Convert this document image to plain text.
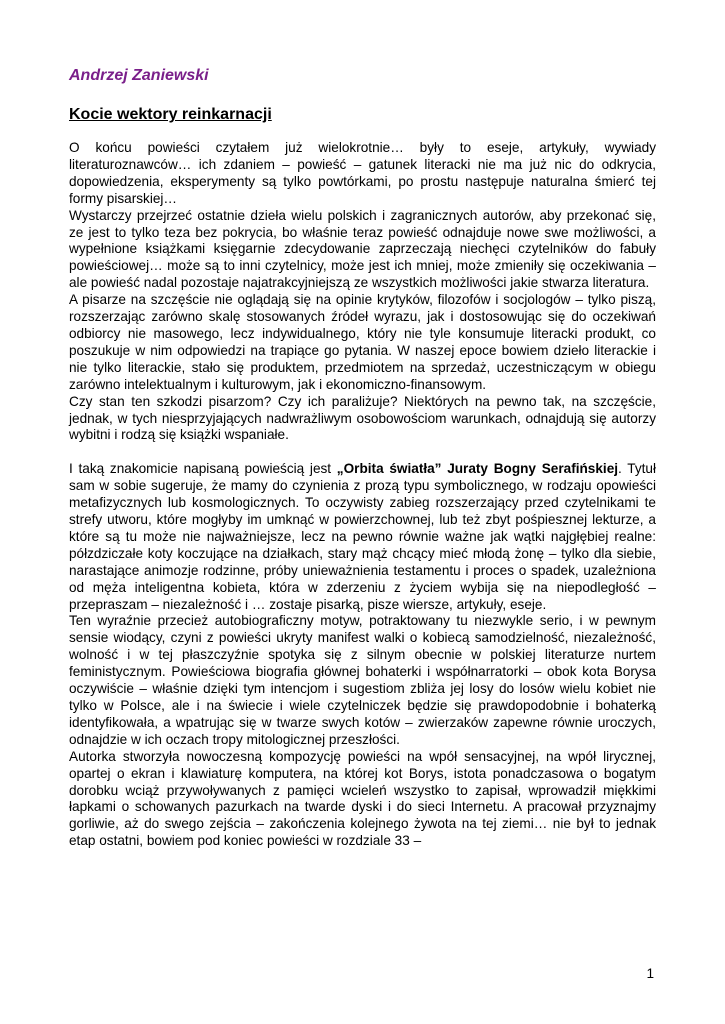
Andrzej Zaniewski
Kocie wektory reinkarnacji

O końcu powieści czytałem już wielokrotnie… były to eseje, artykuły, wywiady literaturoznawców… ich zdaniem – powieść – gatunek literacki nie ma już nic do odkrycia, dopowiedzenia, eksperymenty są tylko powtórkami, po prostu następuje naturalna śmierć tej formy pisarskiej…

Wystarczy przejrzeć ostatnie dzieła wielu polskich i zagranicznych autorów, aby przekonać się, ze jest to tylko teza bez pokrycia, bo właśnie teraz powieść odnajduje nowe swe możliwości, a wypełnione książkami księgarnie zdecydowanie zaprzeczają niechęci czytelników do fabuły powieściowej… może są to inni czytelnicy, może jest ich mniej, może zmieniły się oczekiwania – ale powieść nadal pozostaje najatrakcyjniejszą ze wszystkich możliwości jakie stwarza literatura.

A pisarze na szczęście nie oglądają się na opinie krytyków, filozofów i socjologów – tylko piszą, rozszerzając zarówno skalę stosowanych źródeł wyrazu, jak i dostosowując się do oczekiwań odbiorcy nie masowego, lecz indywidualnego, który nie tyle konsumuje literacki produkt, co poszukuje w nim odpowiedzi na trapiące go pytania. W naszej epoce bowiem dzieło literackie i nie tylko literackie, stało się produktem, przedmiotem na sprzedaż, uczestniczącym w obiegu zarówno intelektualnym i kulturowym, jak i ekonomiczno-finansowym.

Czy stan ten szkodzi pisarzom? Czy ich paraliżuje? Niektórych na pewno tak, na szczęście, jednak, w tych niesprzyjających nadwrażliwym osobowościom warunkach, odnajdują się autorzy wybitni i rodzą się książki wspaniałe.

I taką znakomicie napisaną powieścią jest „Orbita światła” Juraty Bogny Serafińskiej. Tytuł sam w sobie sugeruje, że mamy do czynienia z prozą typu symbolicznego, w rodzaju opowieści metafizycznych lub kosmologicznych. To oczywisty zabieg rozszerzający przed czytelnikami te strefy utworu, które mogłyby im umknąć w powierzchownej, lub też zbyt pośpiesznej lekturze, a które są tu może nie najważniejsze, lecz na pewno równie ważne jak wątki najgłębiej realne: półzdziczałe koty koczujące na działkach, stary mąż chcący mieć młodą żonę – tylko dla siebie, narastające animozje rodzinne, próby unieważnienia testamentu i proces o spadek, uzależniona od męża inteligentna kobieta, która w zderzeniu z życiem wybija się na niepodległość – przepraszam – niezależność i … zostaje pisarką, pisze wiersze, artykuły, eseje.

Ten wyraźnie przecież autobiograficzny motyw, potraktowany tu niezwykle serio, i w pewnym sensie wiodący, czyni z powieści ukryty manifest walki o kobiecą samodzielność, niezależność, wolność i w tej płaszczyźnie spotyka się z silnym obecnie w polskiej literaturze nurtem feministycznym. Powieściowa biografia głównej bohaterki i współnarratorki – obok kota Borysa oczywiście – właśnie dzięki tym intencjom i sugestiom zbliża jej losy do losów wielu kobiet nie tylko w Polsce, ale i na świecie i wiele czytelniczek będzie się prawdopodobnie i bohaterką identyfikowała, a wpatrując się w twarze swych kotów – zwierzaków zapewne równie uroczych, odnajdzie w ich oczach tropy mitologicznej przeszłości.

Autorka stworzyła nowoczesną kompozycję powieści na wpół sensacyjnej, na wpół lirycznej, opartej o ekran i klawiaturę komputera, na której kot Borys, istota ponadczasowa o bogatym dorobku wciąż przywoływanych z pamięci wcieleń wszystko to zapisał, wprowadził miękkimi łapkami o schowanych pazurkach na twarde dyski i do sieci Internetu. A pracował przyznajmy gorliwie, aż do swego zejścia – zakończenia kolejnego żywota na tej ziemi… nie był to jednak etap ostatni, bowiem pod koniec powieści w rozdziale 33 –

1
